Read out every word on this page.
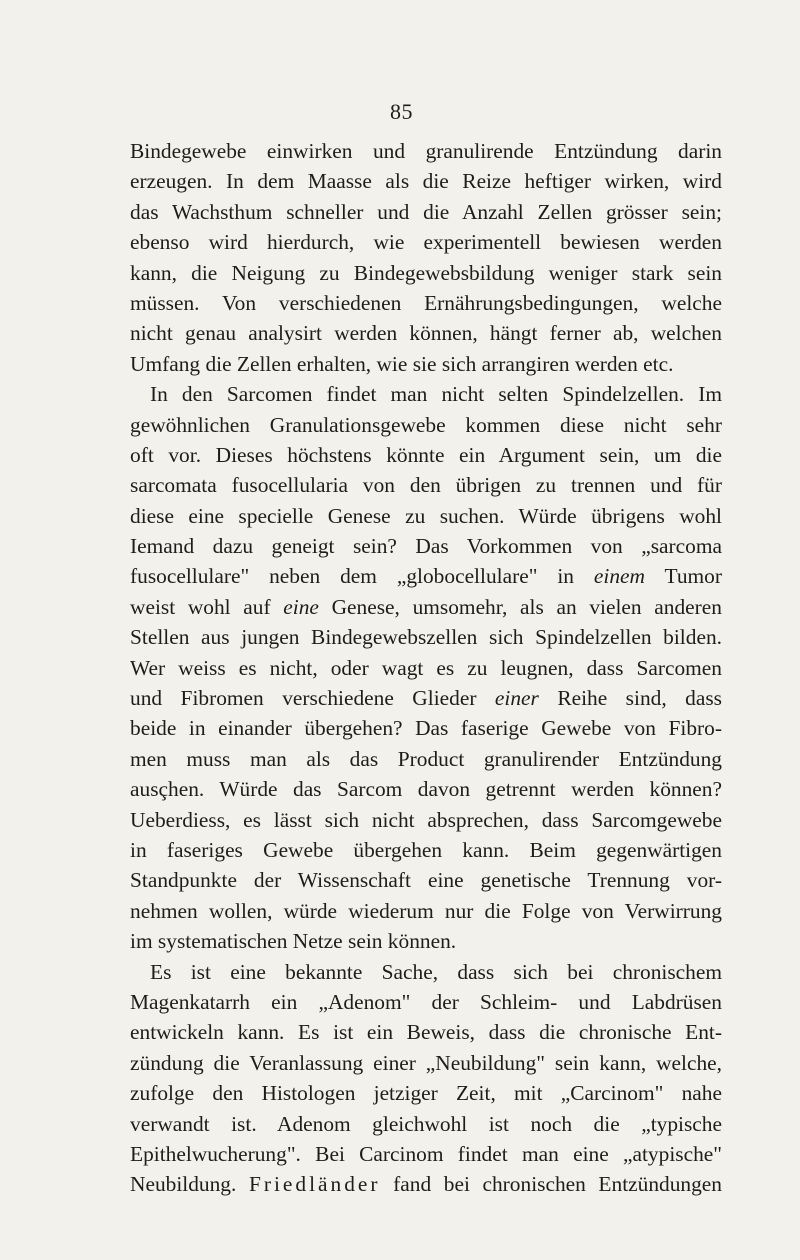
85
Bindegewebe einwirken und granulirende Entzündung darin
erzeugen. In dem Maasse als die Reize heftiger wirken, wird
das Wachsthum schneller und die Anzahl Zellen grösser sein;
ebenso wird hierdurch, wie experimentell bewiesen werden
kann, die Neigung zu Bindegewebsbildung weniger stark sein
müssen. Von verschiedenen Ernährungsbedingungen, welche
nicht genau analysirt werden können, hängt ferner ab, welchen
Umfang die Zellen erhalten, wie sie sich arrangiren werden etc.
In den Sarcomen findet man nicht selten Spindelzellen. Im
gewöhnlichen Granulationsgewebe kommen diese nicht sehr
oft vor. Dieses höchstens könnte ein Argument sein, um die
sarcomata fusocellularia von den übrigen zu trennen und für
diese eine specielle Genese zu suchen. Würde übrigens wohl
Iemand dazu geneigt sein? Das Vorkommen von „sarcoma
fusocellulare" neben dem „globocellulare" in einem Tumor
weist wohl auf eine Genese, umsomehr, als an vielen anderen
Stellen aus jungen Bindegewebszellen sich Spindelzellen bilden.
Wer weiss es nicht, oder wagt es zu leugnen, dass Sarcomen
und Fibromen verschiedene Glieder einer Reihe sind, dass
beide in einander übergehen? Das faserige Gewebe von Fibro-
men muss man als das Product granulirender Entzündung
ausçhen. Würde das Sarcom davon getrennt werden können?
Ueberdiess, es lässt sich nicht absprechen, dass Sarcomgewebe
in faseriges Gewebe übergehen kann. Beim gegenwärtigen
Standpunkte der Wissenschaft eine genetische Trennung vor-
nehmen wollen, würde wiederum nur die Folge von Verwirrung
im systematischen Netze sein können.
Es ist eine bekannte Sache, dass sich bei chronischem
Magenkatarrh ein „Adenom" der Schleim- und Labdrüsen
entwickeln kann. Es ist ein Beweis, dass die chronische Ent-
zündung die Veranlassung einer „Neubildung" sein kann, welche,
zufolge den Histologen jetziger Zeit, mit „Carcinom" nahe
verwandt ist. Adenom gleichwohl ist noch die „typische
Epithelwucherung". Bei Carcinom findet man eine „atypische"
Neubildung. Friedländer fand bei chronischen Entzündungen
